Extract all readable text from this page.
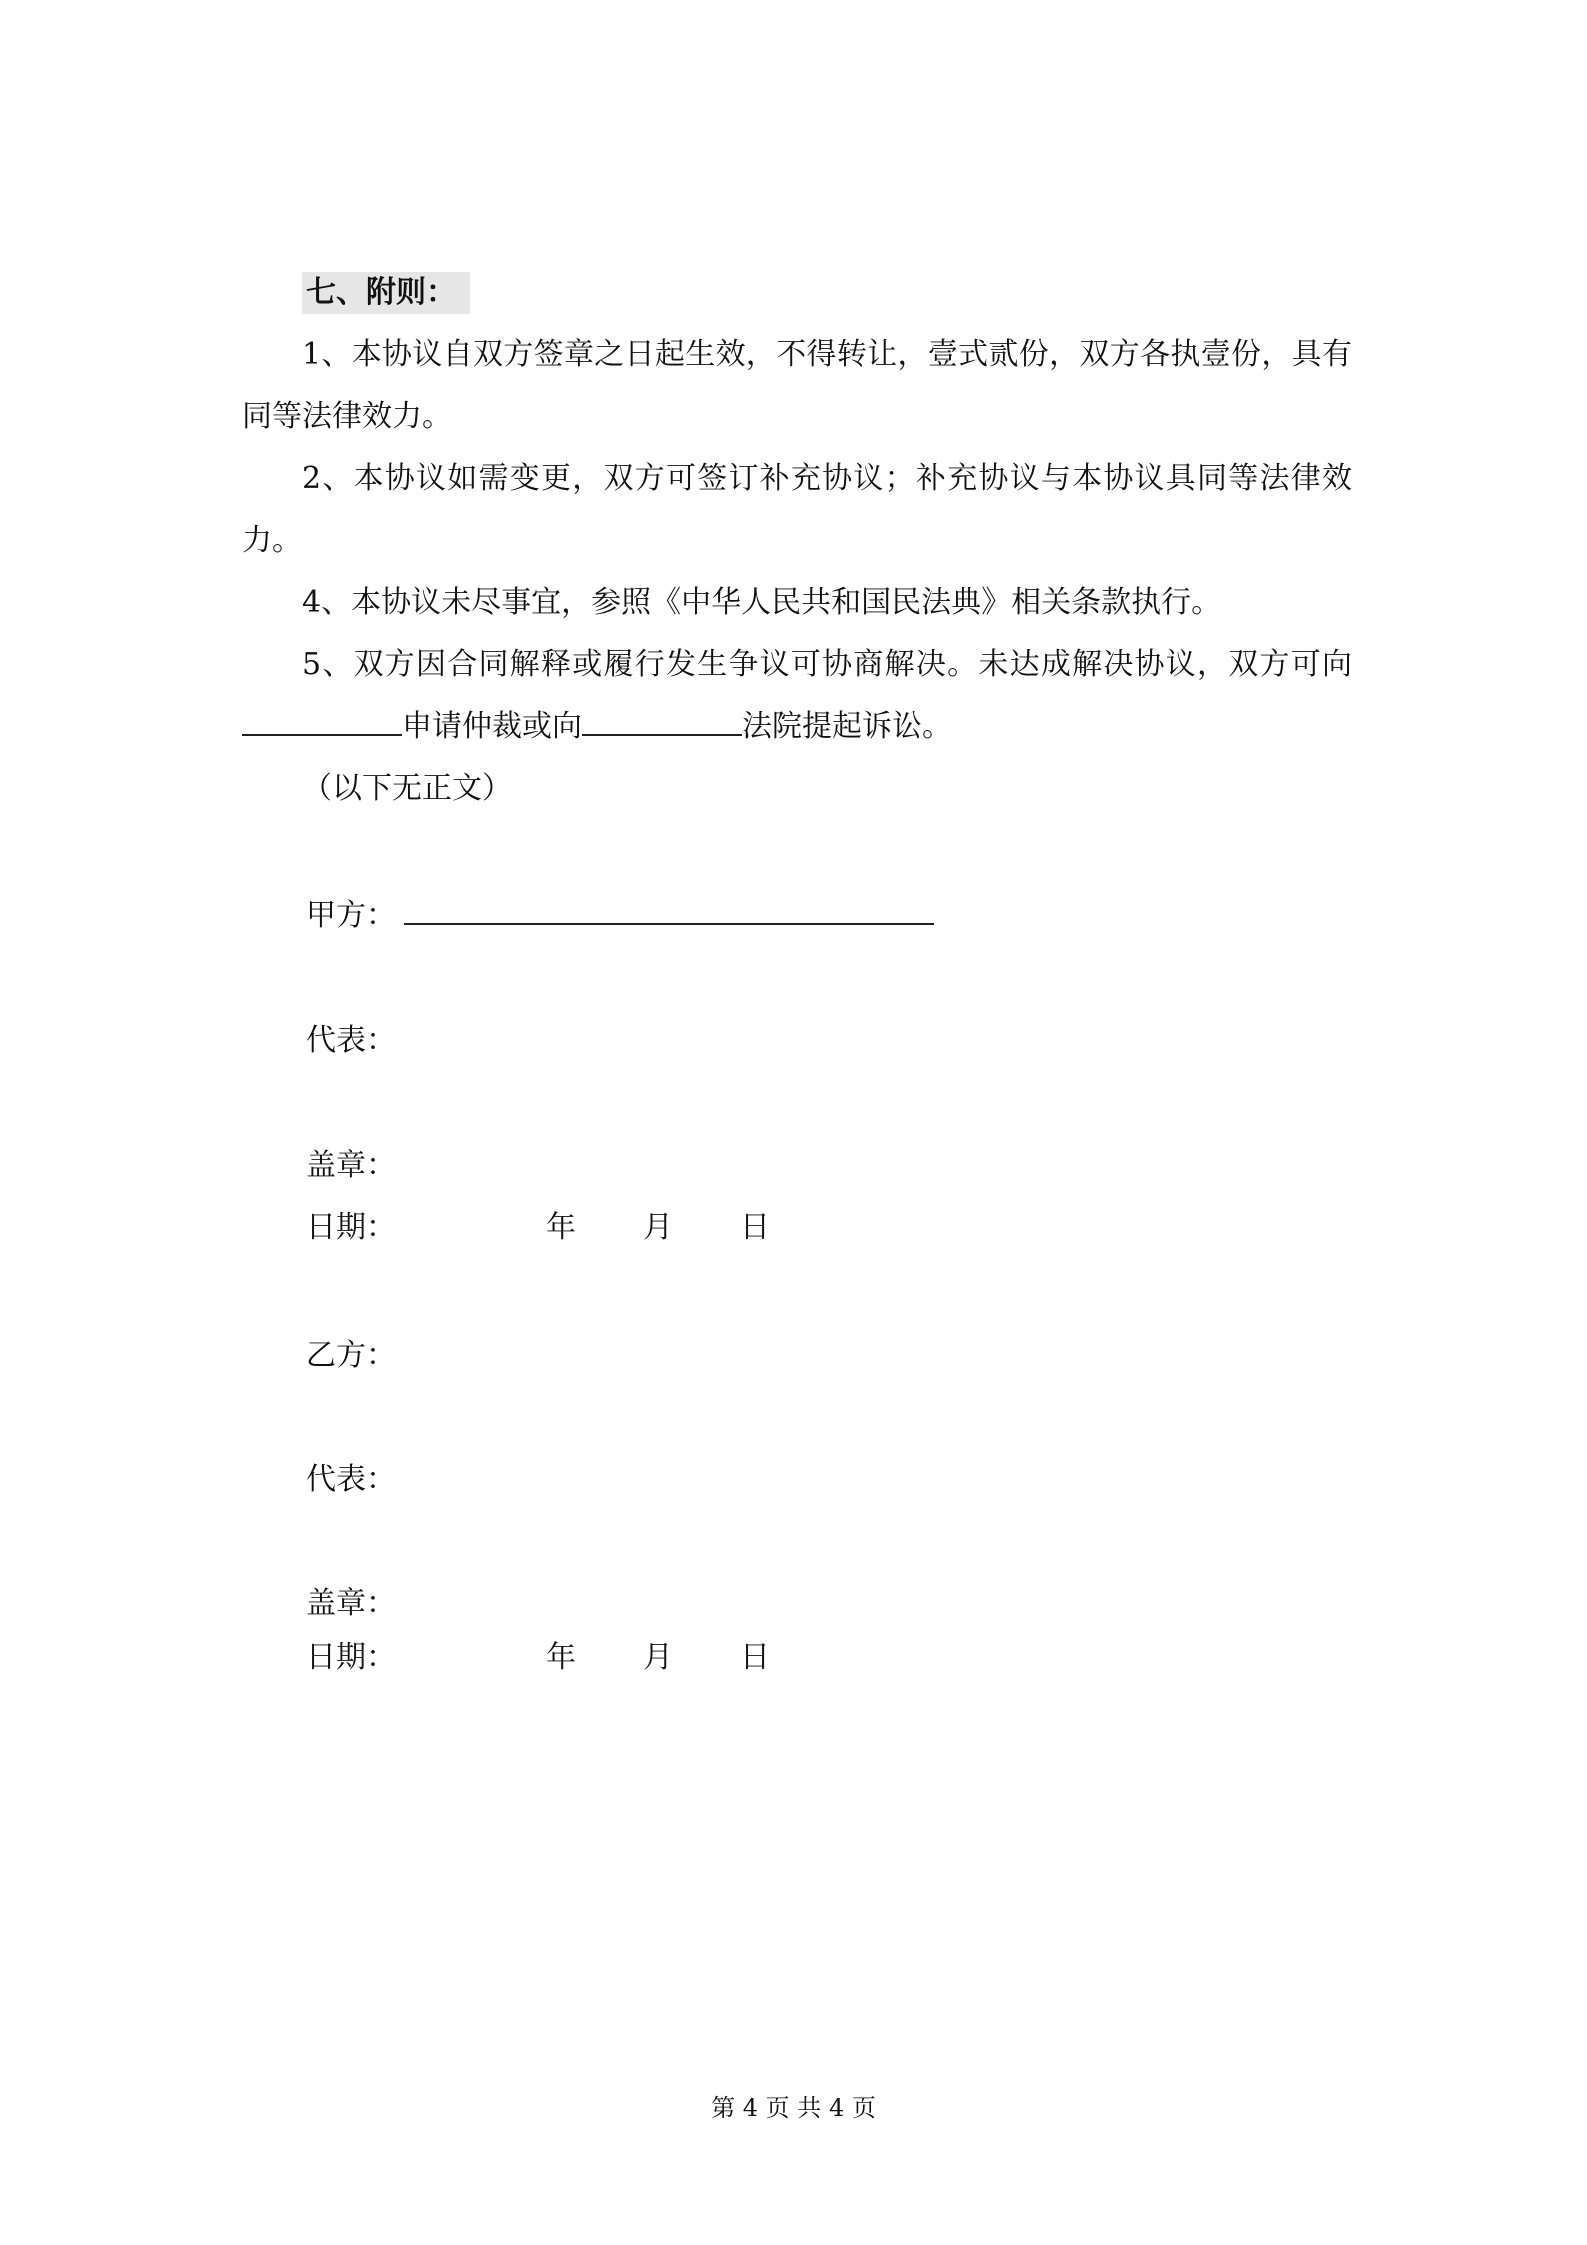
七、附则：

1、本协议自双方签章之日起生效，不得转让，壹式贰份，双方各执壹份，具有同等法律效力。

2、本协议如需变更，双方可签订补充协议；补充协议与本协议具同等法律效力。

4、本协议未尽事宜，参照《中华人民共和国民法典》相关条款执行。

5、双方因合同解释或履行发生争议可协商解决。未达成解决协议，双方可向申请仲裁或向	法院提起诉讼。

（以下无正文）

甲方：
代表：
盖章：
日期：	年 月 日
乙方：
代表：
盖章：
日期：	年 月 日
第 4 页 共 4 页
